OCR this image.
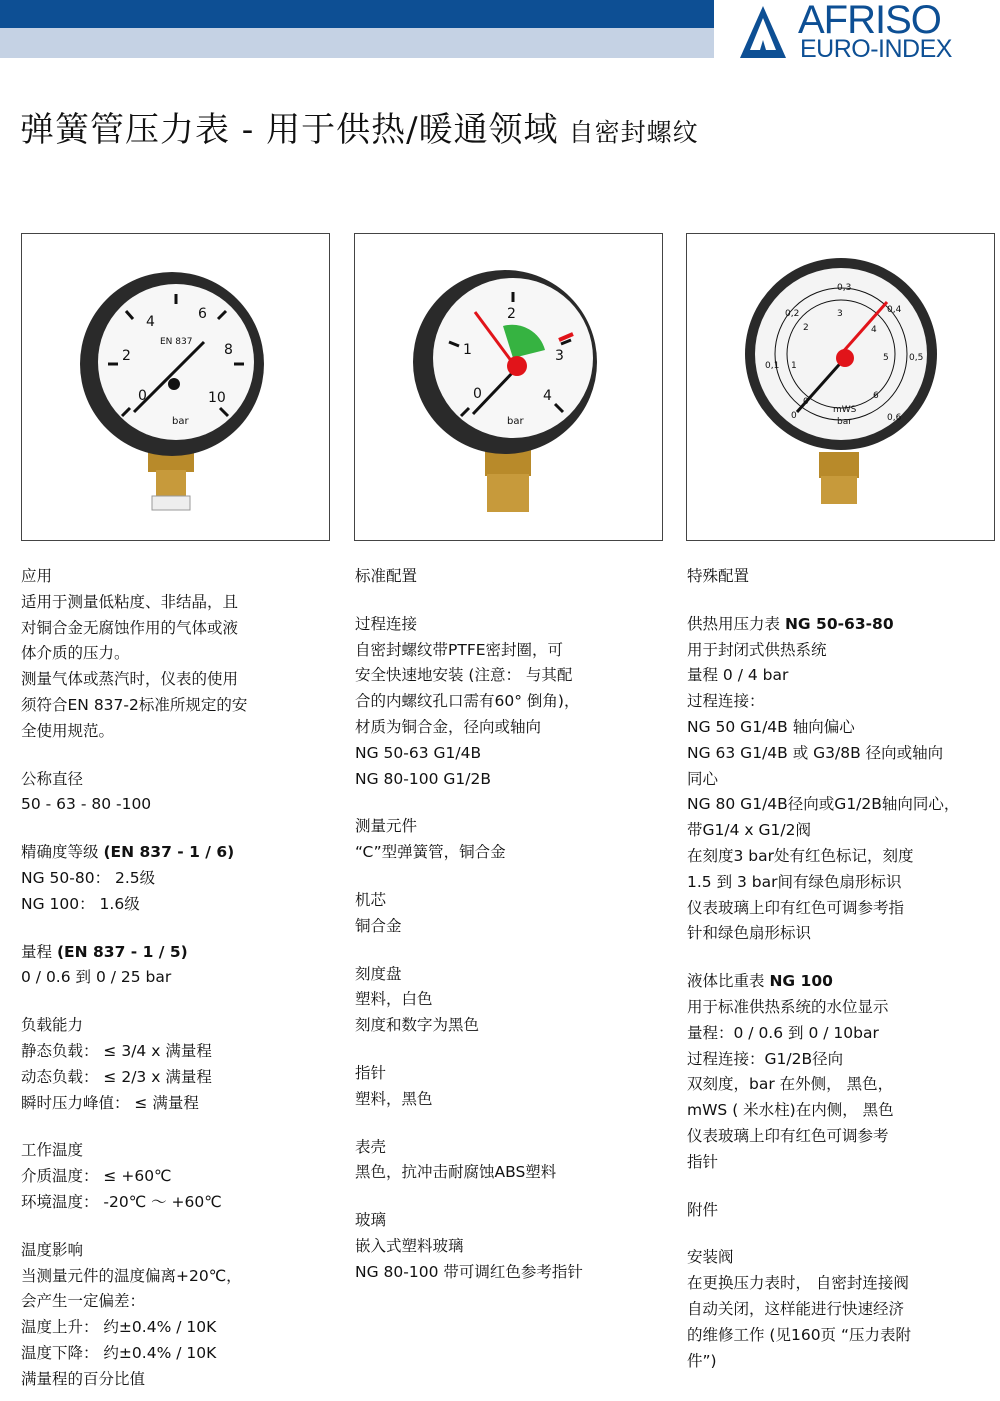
AFRISO
EURO-INDEX
弹簧管压力表 - 用于供热/暖通领域 自密封螺纹
0
2
4	6
8
10
EN 837
bar
0
1
2
3
4
bar	0
0,1
0,2
0,3
0,4
0,5
0,6
1
2
3
4
5
6
mWS
bar
应用
适用于测量低粘度、非结晶，且
对铜合金无腐蚀作用的气体或液
体介质的压力。
测量气体或蒸汽时，仪表的使用
须符合EN 837-2标准所规定的安
全使用规范。
公称直径
50 - 63 - 80 -100
精确度等级 (EN 837 - 1 / 6)
NG 50-80： 2.5级
NG 100： 1.6级
量程 (EN 837 - 1 / 5)
0 / 0.6 到 0 / 25 bar
负载能力
静态负载： ≤ 3/4 x 满量程
动态负载： ≤ 2/3 x 满量程
瞬时压力峰值： ≤ 满量程
工作温度
介质温度： ≤ +60℃
环境温度： -20℃ ～ +60℃
温度影响
当测量元件的温度偏离+20℃，
会产生一定偏差：
温度上升： 约±0.4% / 10K
温度下降： 约±0.4% / 10K
满量程的百分比值
标准配置
过程连接
自密封螺纹带PTFE密封圈，可
安全快速地安装 (注意： 与其配
合的内螺纹孔口需有60° 倒角)，
材质为铜合金，径向或轴向
NG 50-63 G1/4B
NG 80-100 G1/2B
测量元件
“C”型弹簧管，铜合金
机芯
铜合金
刻度盘
塑料，白色
刻度和数字为黑色
指针
塑料，黑色
表壳
黑色，抗冲击耐腐蚀ABS塑料
玻璃
嵌入式塑料玻璃
NG 80-100 带可调红色参考指针
特殊配置
供热用压力表 NG 50-63-80
用于封闭式供热系统
量程 0 / 4 bar
过程连接：
NG 50 G1/4B 轴向偏心
NG 63 G1/4B 或 G3/8B 径向或轴向
同心
NG 80 G1/4B径向或G1/2B轴向同心，
带G1/4 x G1/2阀
在刻度3 bar处有红色标记，刻度
1.5 到 3 bar间有绿色扇形标识
仪表玻璃上印有红色可调参考指
针和绿色扇形标识
液体比重表 NG 100
用于标准供热系统的水位显示
量程：0 / 0.6 到 0 / 10bar
过程连接：G1/2B径向
双刻度，bar 在外侧， 黑色，
mWS ( 米水柱)在内侧， 黑色
仪表玻璃上印有红色可调参考
指针
附件
安装阀
在更换压力表时， 自密封连接阀
自动关闭，这样能进行快速经济
的维修工作 (见160页 “压力表附
件”)
